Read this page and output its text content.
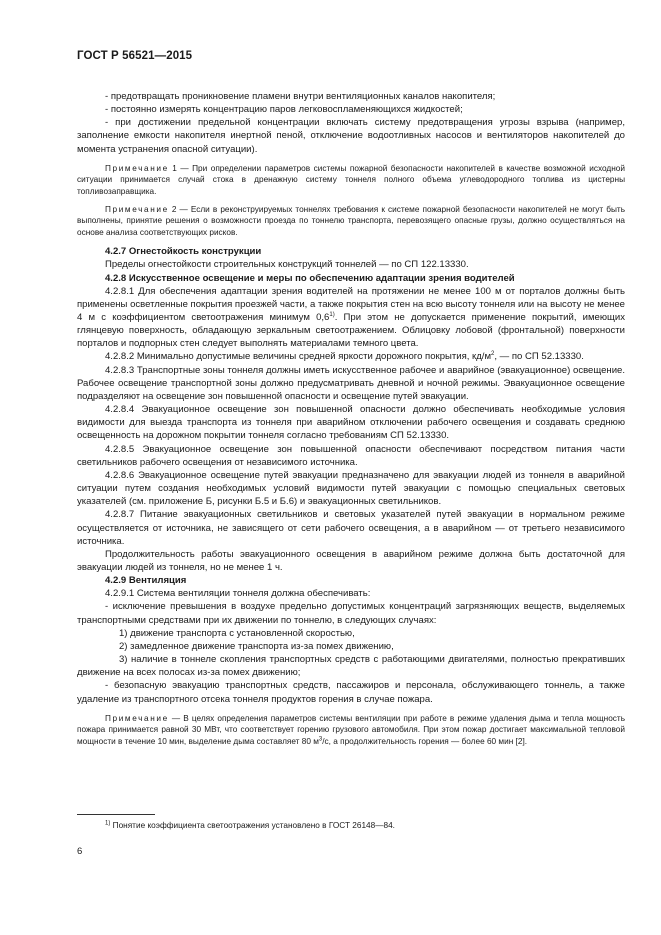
ГОСТ Р 56521—2015

- предотвращать проникновение пламени внутри вентиляционных каналов накопителя;

- постоянно измерять концентрацию паров легковоспламеняющихся жидкостей;

- при достижении предельной концентрации включать систему предотвращения угрозы взрыва (например, заполнение емкости накопителя инертной пеной, отключение водоотливных насосов и вентиляторов накопителей до момента устранения опасной ситуации).

Примечание 1 — При определении параметров системы пожарной безопасности накопителей в качестве возможной исходной ситуации принимается случай стока в дренажную систему тоннеля полного объема углеводородного топлива из цистерны топливозаправщика.

Примечание 2 — Если в реконструируемых тоннелях требования к системе пожарной безопасности накопителей не могут быть выполнены, принятие решения о возможности проезда по тоннелю транспорта, перевозящего опасные грузы, должно осуществляться на основе анализа соответствующих рисков.

4.2.7 Огнестойкость конструкции

Пределы огнестойкости строительных конструкций тоннелей — по СП 122.13330.

4.2.8 Искусственное освещение и меры по обеспечению адаптации зрения водителей

4.2.8.1 Для обеспечения адаптации зрения водителей на протяжении не менее 100 м от порталов должны быть применены осветленные покрытия проезжей части, а также покрытия стен на всю высоту тоннеля или на высоту не менее 4 м с коэффициентом светоотражения минимум 0,6$^{1)}$. При этом не допускается применение покрытий, имеющих глянцевую поверхность, обладающую зеркальным светоотражением. Облицовку лобовой (фронтальной) поверхности порталов и подпорных стен следует выполнять материалами темного цвета.

4.2.8.2 Минимально допустимые величины средней яркости дорожного покрытия, $кд/м^2$, — по СП 52.13330.

4.2.8.3 Транспортные зоны тоннеля должны иметь искусственное рабочее и аварийное (эвакуационное) освещение. Рабочее освещение транспортной зоны должно предусматривать дневной и ночной режимы. Эвакуационное освещение подразделяют на освещение зон повышенной опасности и освещение путей эвакуации.

4.2.8.4 Эвакуационное освещение зон повышенной опасности должно обеспечивать необходимые условия видимости для выезда транспорта из тоннеля при аварийном отключении рабочего освещения и создавать среднюю освещенность на дорожном покрытии тоннеля согласно требованиям СП 52.13330.

4.2.8.5 Эвакуационное освещение зон повышенной опасности обеспечивают посредством питания части светильников рабочего освещения от независимого источника.

4.2.8.6 Эвакуационное освещение путей эвакуации предназначено для эвакуации людей из тоннеля в аварийной ситуации путем создания необходимых условий видимости путей эвакуации с помощью специальных световых указателей (см. приложение Б, рисунки Б.5 и Б.6) и эвакуационных светильников.

4.2.8.7 Питание эвакуационных светильников и световых указателей путей эвакуации в нормальном режиме осуществляется от источника, не зависящего от сети рабочего освещения, а в аварийном — от третьего независимого источника.

Продолжительность работы эвакуационного освещения в аварийном режиме должна быть достаточной для эвакуации людей из тоннеля, но не менее 1 ч.

4.2.9 Вентиляция

4.2.9.1 Система вентиляции тоннеля должна обеспечивать:

- исключение превышения в воздухе предельно допустимых концентраций загрязняющих веществ, выделяемых транспортными средствами при их движении по тоннелю, в следующих случаях:

1) движение транспорта с установленной скоростью,

2) замедленное движение транспорта из-за помех движению,

3) наличие в тоннеле скопления транспортных средств с работающими двигателями, полностью прекративших движение на всех полосах из-за помех движению;

- безопасную эвакуацию транспортных средств, пассажиров и персонала, обслуживающего тоннель, а также удаление из транспортного отсека тоннеля продуктов горения в случае пожара.

Примечание — В целях определения параметров системы вентиляции при работе в режиме удаления дыма и тепла мощность пожара принимается равной 30 МВт, что соответствует горению грузового автомобиля. При этом пожар достигает максимальной тепловой мощности в течение 10 мин, выделение дыма составляет 80 $м^3/с$, а продолжительность горения — более 60 мин [2].

$^{1)}$ Понятие коэффициента светоотражения установлено в ГОСТ 26148—84.
6
